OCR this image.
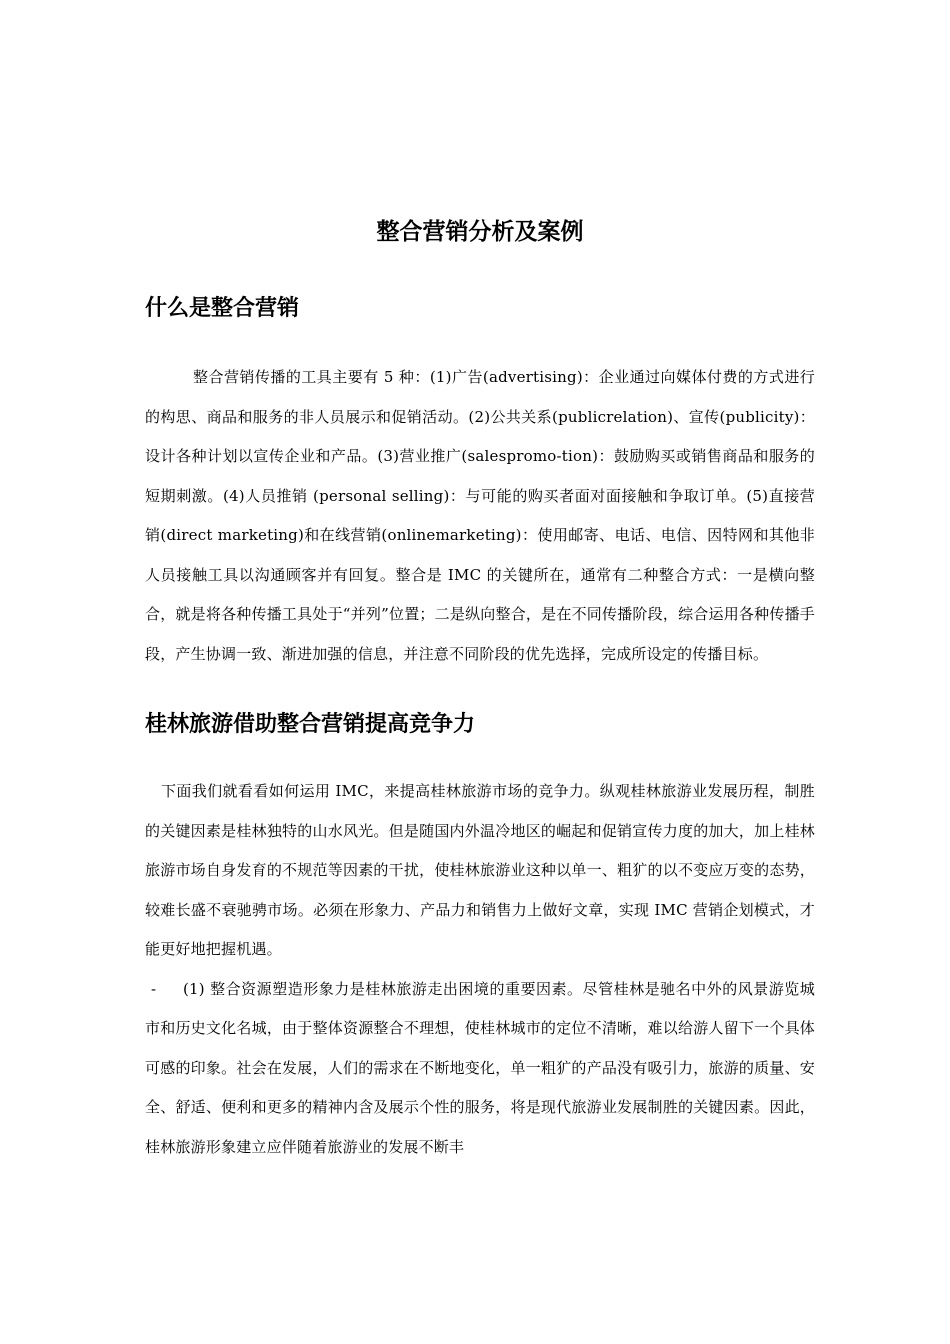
整合营销分析及案例
什么是整合营销

整合营销传播的工具主要有 5 种：(1)广告(advertising)：企业通过向媒体付费的方式进行的构思、商品和服务的非人员展示和促销活动。(2)公共关系(publicrelation)、宣传(publicity)：设计各种计划以宣传企业和产品。(3)营业推广(salespromo-tion)：鼓励购买或销售商品和服务的短期刺激。(4)人员推销 (personal selling)：与可能的购买者面对面接触和争取订单。(5)直接营销(direct marketing)和在线营销(onlinemarketing)：使用邮寄、电话、电信、因特网和其他非人员接触工具以沟通顾客并有回复。整合是 IMC 的关键所在，通常有二种整合方式：一是横向整合，就是将各种传播工具处于“并列”位置；二是纵向整合，是在不同传播阶段，综合运用各种传播手段，产生协调一致、渐进加强的信息，并注意不同阶段的优先选择，完成所设定的传播目标。

桂林旅游借助整合营销提高竞争力

下面我们就看看如何运用 IMC，来提高桂林旅游市场的竞争力。纵观桂林旅游业发展历程，制胜的关键因素是桂林独特的山水风光。但是随国内外温冷地区的崛起和促销宣传力度的加大，加上桂林旅游市场自身发育的不规范等因素的干扰，使桂林旅游业这种以单一、粗犷的以不变应万变的态势，较难长盛不衰驰骋市场。必须在形象力、产品力和销售力上做好文章，实现 IMC 营销企划模式，才能更好地把握机遇。

- (1) 整合资源塑造形象力是桂林旅游走出困境的重要因素。尽管桂林是驰名中外的风景游览城市和历史文化名城，由于整体资源整合不理想，使桂林城市的定位不清晰，难以给游人留下一个具体可感的印象。社会在发展，人们的需求在不断地变化，单一粗犷的产品没有吸引力，旅游的质量、安全、舒适、便利和更多的精神内含及展示个性的服务，将是现代旅游业发展制胜的关键因素。因此，桂林旅游形象建立应伴随着旅游业的发展不断丰
